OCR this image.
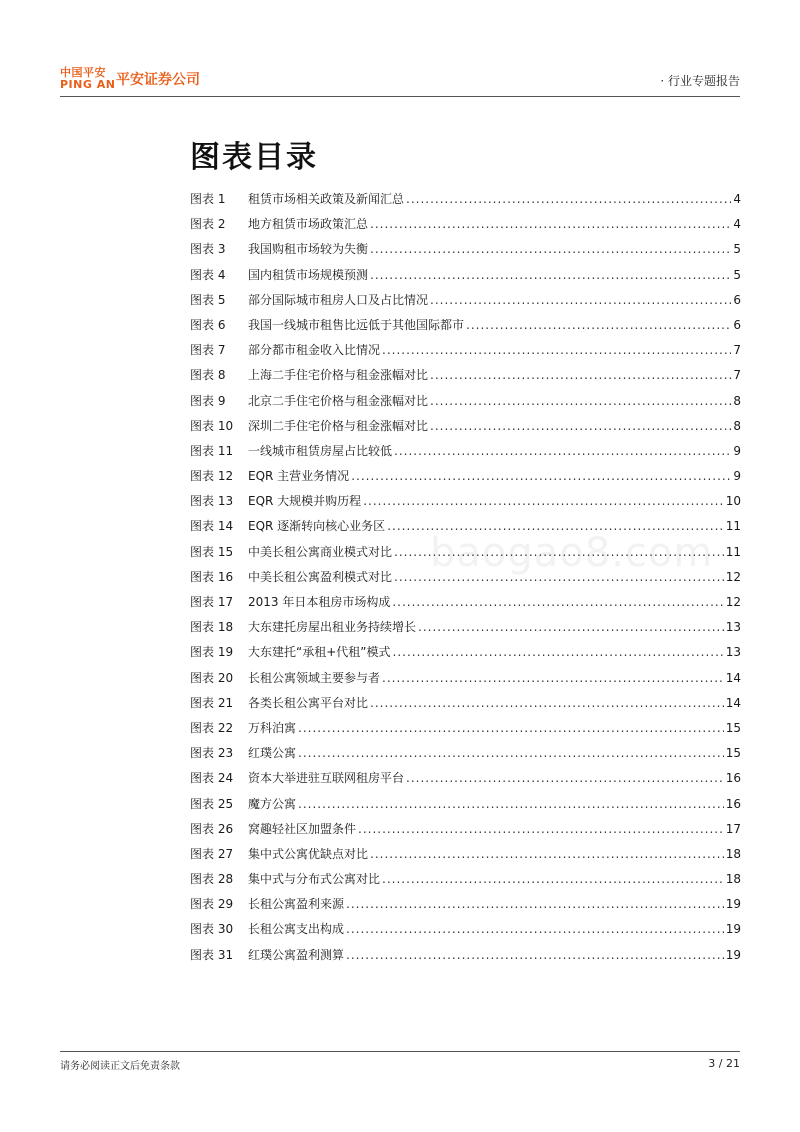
中国平安
PING AN 平安证券公司	· 行业专题报告
图表目录
图表 1	租赁市场相关政策及新闻汇总 .....	4
图表 2	地方租赁市场政策汇总 .....	4
图表 3	我国购租市场较为失衡 .....	5
图表 4	国内租赁市场规模预测 .....	5
图表 5	部分国际城市租房人口及占比情况 .....	6
图表 6	我国一线城市租售比远低于其他国际都市 .....	6
图表 7	部分都市租金收入比情况 .....	7
图表 8	上海二手住宅价格与租金涨幅对比 .....	7
图表 9	北京二手住宅价格与租金涨幅对比 .....	8
图表 10	深圳二手住宅价格与租金涨幅对比 .....	8
图表 11	一线城市租赁房屋占比较低 .....	9
图表 12	EQR 主营业务情况 .....	9
图表 13	EQR 大规模并购历程 .....	10
图表 14	EQR 逐渐转向核心业务区 .....	11
图表 15	中美长租公寓商业模式对比 .....	11
图表 16	中美长租公寓盈利模式对比 .....	12
图表 17	2013 年日本租房市场构成 .....	12
图表 18	大东建托房屋出租业务持续增长 .....	13
图表 19	大东建托“承租+代租”模式 .....	13
图表 20	长租公寓领域主要参与者 .....	14
图表 21	各类长租公寓平台对比 .....	14
图表 22	万科泊寓 .....	15
图表 23	红璞公寓 .....	15
图表 24	资本大举进驻互联网租房平台 .....	16
图表 25	魔方公寓 .....	16
图表 26	窝趣轻社区加盟条件 .....	17
图表 27	集中式公寓优缺点对比 .....	18
图表 28	集中式与分布式公寓对比 .....	18
图表 29	长租公寓盈利来源 .....	19
图表 30	长租公寓支出构成 .....	19
图表 31	红璞公寓盈利测算 .....	19
baogao8.com
请务必阅读正文后免责条款	3 / 21
